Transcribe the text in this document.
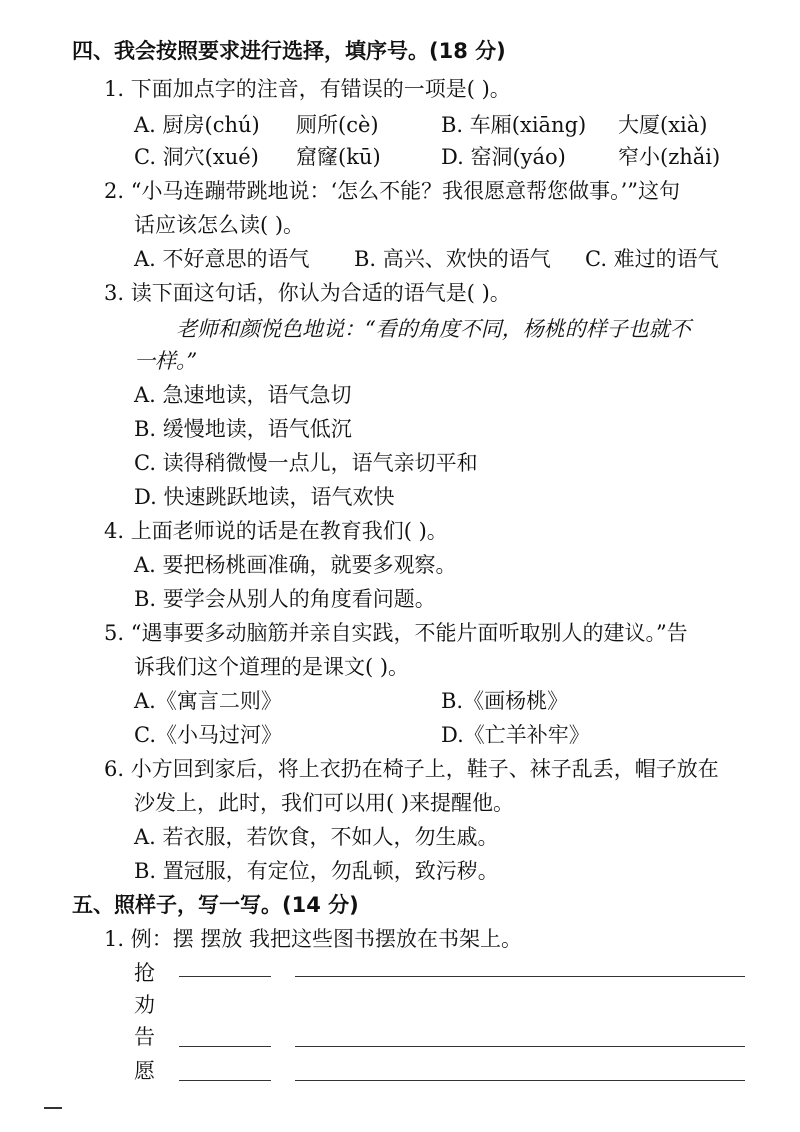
四、我会按照要求进行选择，填序号。(18 分)
1. 下面加点字的注音，有错误的一项是( )。
A. 厨房(chú) 厕所(cè)	B. 车厢(xiāng) 大厦(xià)
C. 洞穴(xué) 窟窿(kū)	D. 窑洞(yáo) 窄小(zhǎi)
2. “小马连蹦带跳地说：‘怎么不能？我很愿意帮您做事。’”这句
话应该怎么读( )。
A. 不好意思的语气 B. 高兴、欢快的语气 C. 难过的语气
3. 读下面这句话，你认为合适的语气是( )。
老师和颜悦色地说：“看的角度不同，杨桃的样子也就不
一样。”
A. 急速地读，语气急切
B. 缓慢地读，语气低沉
C. 读得稍微慢一点儿，语气亲切平和
D. 快速跳跃地读，语气欢快
4. 上面老师说的话是在教育我们( )。
A. 要把杨桃画准确，就要多观察。
B. 要学会从别人的角度看问题。
5. “遇事要多动脑筋并亲自实践，不能片面听取别人的建议。”告
诉我们这个道理的是课文( )。
A.《寓言二则》	B.《画杨桃》
C.《小马过河》	D.《亡羊补牢》
6. 小方回到家后，将上衣扔在椅子上，鞋子、袜子乱丢，帽子放在
沙发上，此时，我们可以用( )来提醒他。
A. 若衣服，若饮食，不如人，勿生戚。
B. 置冠服，有定位，勿乱顿，致污秽。
五、照样子，写一写。(14 分)
1. 例：摆 摆放 我把这些图书摆放在书架上。
抢
劝
告
愿
